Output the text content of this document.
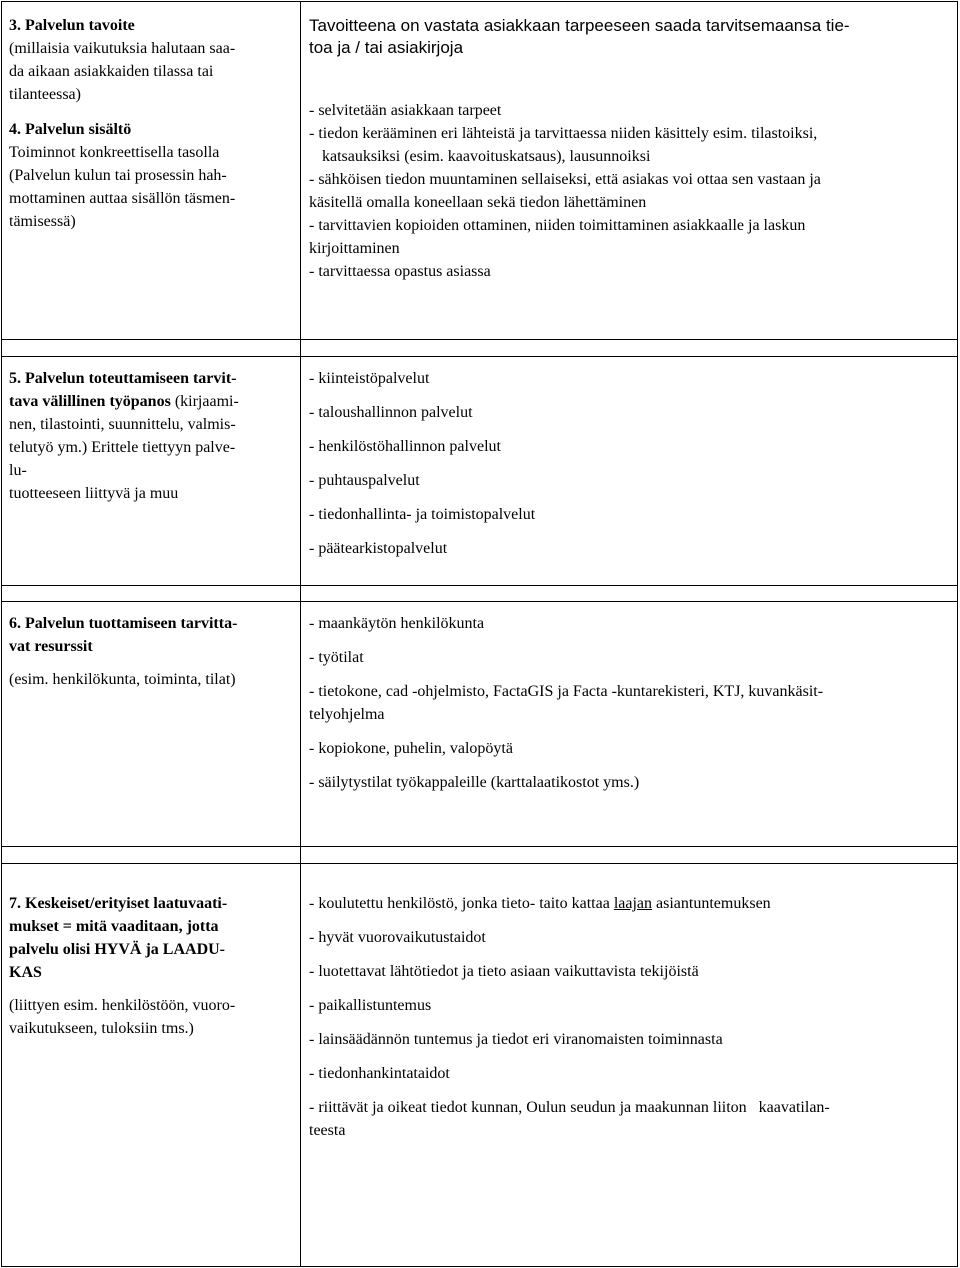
3. Palvelun tavoite

(millaisia vaikutuksia halutaan saa-

da aikaan asiakkaiden tilassa tai

tilanteessa)

4. Palvelun sisältö

Toiminnot konkreettisella tasolla

(Palvelun kulun tai prosessin hah-

mottaminen auttaa sisällön täsmen-

tämisessä)

Tavoitteena on vastata asiakkaan tarpeeseen saada tarvitsemaansa tie-

toa ja / tai asiakirjoja

- selvitetään asiakkaan tarpeet

- tiedon kerääminen eri lähteistä ja tarvittaessa niiden käsittely esim. tilastoiksi,

katsauksiksi (esim. kaavoituskatsaus), lausunnoiksi

- sähköisen tiedon muuntaminen sellaiseksi, että asiakas voi ottaa sen vastaan ja

käsitellä omalla koneellaan sekä tiedon lähettäminen

- tarvittavien kopioiden ottaminen, niiden toimittaminen asiakkaalle ja laskun

kirjoittaminen

- tarvittaessa opastus asiassa

5. Palvelun toteuttamiseen tarvit-

tava välillinen työpanos (kirjaami-

nen, tilastointi, suunnittelu, valmis-

telutyö ym.) Erittele tiettyyn palve-

lu-

tuotteeseen liittyvä ja muu

- kiinteistöpalvelut

- taloushallinnon palvelut

- henkilöstöhallinnon palvelut

- puhtauspalvelut

- tiedonhallinta- ja toimistopalvelut

- päätearkistopalvelut

6. Palvelun tuottamiseen tarvitta-

vat resurssit

(esim. henkilökunta, toiminta, tilat)

- maankäytön henkilökunta

- työtilat

- tietokone, cad -ohjelmisto, FactaGIS ja Facta -kuntarekisteri, KTJ, kuvankäsit-
telyohjelma

- kopiokone, puhelin, valopöytä

- säilytystilat työkappaleille (karttalaatikostot yms.)

7. Keskeiset/erityiset laatuvaati-

mukset = mitä vaaditaan, jotta

palvelu olisi HYVÄ ja LAADU-

KAS

(liittyen esim. henkilöstöön, vuoro-

vaikutukseen, tuloksiin tms.)

- koulutettu henkilöstö, jonka tieto- taito kattaa laajan asiantuntemuksen

- hyvät vuorovaikutustaidot

- luotettavat lähtötiedot ja tieto asiaan vaikuttavista tekijöistä

- paikallistuntemus

- lainsäädännön tuntemus ja tiedot eri viranomaisten toiminnasta

- tiedonhankintataidot

- riittävät ja oikeat tiedot kunnan, Oulun seudun ja maakunnan liiton   kaavatilan-

teesta
